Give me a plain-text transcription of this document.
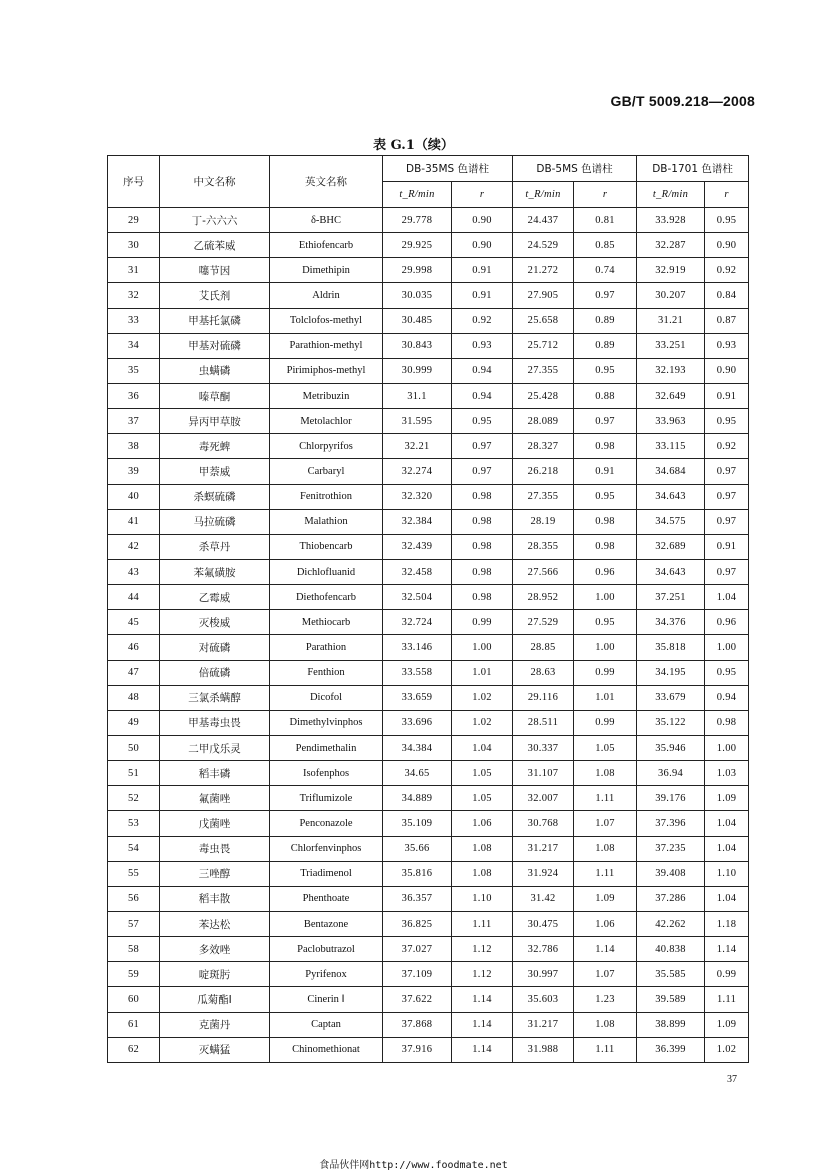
GB/T 5009.218—2008
表 G.1（续）
序号	中文名称	英文名称	DB-35MS 色谱柱		DB-5MS 色谱柱		DB-1701 色谱柱	
			t_R/min	r	t_R/min	r	t_R/min	r
29	丁-六六六	δ-BHC	29.778	0.90	24.437	0.81	33.928	0.95
30	乙硫苯威	Ethiofencarb	29.925	0.90	24.529	0.85	32.287	0.90
31	噻节因	Dimethipin	29.998	0.91	21.272	0.74	32.919	0.92
32	艾氏剂	Aldrin	30.035	0.91	27.905	0.97	30.207	0.84
33	甲基托氯磷	Tolclofos-methyl	30.485	0.92	25.658	0.89	31.21	0.87
34	甲基对硫磷	Parathion-methyl	30.843	0.93	25.712	0.89	33.251	0.93
35	虫螨磷	Pirimiphos-methyl	30.999	0.94	27.355	0.95	32.193	0.90
36	嗪草酮	Metribuzin	31.1	0.94	25.428	0.88	32.649	0.91
37	异丙甲草胺	Metolachlor	31.595	0.95	28.089	0.97	33.963	0.95
38	毒死蜱	Chlorpyrifos	32.21	0.97	28.327	0.98	33.115	0.92
39	甲萘威	Carbaryl	32.274	0.97	26.218	0.91	34.684	0.97
40	杀螟硫磷	Fenitrothion	32.320	0.98	27.355	0.95	34.643	0.97
41	马拉硫磷	Malathion	32.384	0.98	28.19	0.98	34.575	0.97
42	杀草丹	Thiobencarb	32.439	0.98	28.355	0.98	32.689	0.91
43	苯氟磺胺	Dichlofluanid	32.458	0.98	27.566	0.96	34.643	0.97
44	乙霉威	Diethofencarb	32.504	0.98	28.952	1.00	37.251	1.04
45	灭梭威	Methiocarb	32.724	0.99	27.529	0.95	34.376	0.96
46	对硫磷	Parathion	33.146	1.00	28.85	1.00	35.818	1.00
47	倍硫磷	Fenthion	33.558	1.01	28.63	0.99	34.195	0.95
48	三氯杀螨醇	Dicofol	33.659	1.02	29.116	1.01	33.679	0.94
49	甲基毒虫畏	Dimethylvinphos	33.696	1.02	28.511	0.99	35.122	0.98
50	二甲戊乐灵	Pendimethalin	34.384	1.04	30.337	1.05	35.946	1.00
51	稻丰磷	Isofenphos	34.65	1.05	31.107	1.08	36.94	1.03
52	氟菌唑	Triflumizole	34.889	1.05	32.007	1.11	39.176	1.09
53	戊菌唑	Penconazole	35.109	1.06	30.768	1.07	37.396	1.04
54	毒虫畏	Chlorfenvinphos	35.66	1.08	31.217	1.08	37.235	1.04
55	三唑醇	Triadimenol	35.816	1.08	31.924	1.11	39.408	1.10
56	稻丰散	Phenthoate	36.357	1.10	31.42	1.09	37.286	1.04
57	苯达松	Bentazone	36.825	1.11	30.475	1.06	42.262	1.18
58	多效唑	Paclobutrazol	37.027	1.12	32.786	1.14	40.838	1.14
59	啶斑肟	Pyrifenox	37.109	1.12	30.997	1.07	35.585	0.99
60	瓜菊酯Ⅰ	Cinerin Ⅰ	37.622	1.14	35.603	1.23	39.589	1.11
61	克菌丹	Captan	37.868	1.14	31.217	1.08	38.899	1.09
62	灭螨猛	Chinomethionat	37.916	1.14	31.988	1.11	36.399	1.02
37
食品伙伴网http://www.foodmate.net
